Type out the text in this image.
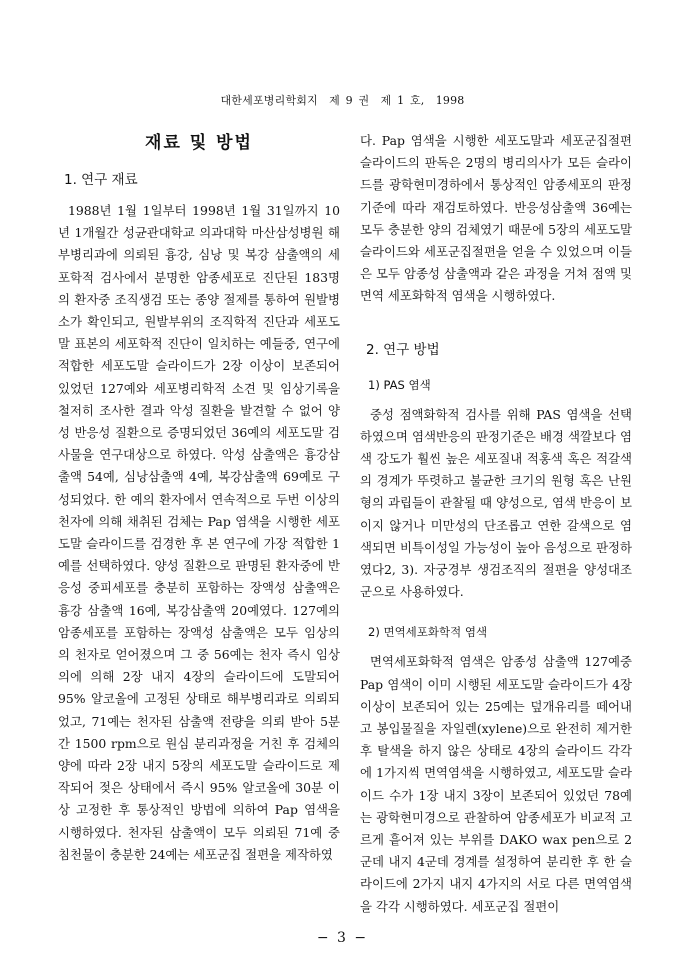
대한세포병리학회지　제 9 권　제 1 호,　1998
재료 및 방법
1. 연구 재료

1988년 1월 1일부터 1998년 1월 31일까지 10년 1개월간 성균관대학교 의과대학 마산삼성병원 해부병리과에 의뢰된 흉강, 심낭 및 복강 삼출액의 세포학적 검사에서 분명한 암종세포로 진단된 183명의 환자중 조직생검 또는 종양 절제를 통하여 원발병소가 확인되고, 원발부위의 조직학적 진단과 세포도말 표본의 세포학적 진단이 일치하는 예들중, 연구에 적합한 세포도말 슬라이드가 2장 이상이 보존되어 있었던 127예와 세포병리학적 소견 및 임상기록을 철저히 조사한 결과 악성 질환을 발견할 수 없어 양성 반응성 질환으로 증명되었던 36예의 세포도말 검사물을 연구대상으로 하였다. 악성 삼출액은 흉강삼출액 54예, 심낭삼출액 4예, 복강삼출액 69예로 구성되었다. 한 예의 환자에서 연속적으로 두번 이상의 천자에 의해 채취된 검체는 Pap 염색을 시행한 세포도말 슬라이드를 검경한 후 본 연구에 가장 적합한 1예를 선택하였다. 양성 질환으로 판명된 환자중에 반응성 중피세포를 충분히 포함하는 장액성 삼출액은 흉강 삼출액 16예, 복강삼출액 20예였다. 127예의 암종세포를 포함하는 장액성 삼출액은 모두 임상의의 천자로 얻어졌으며 그 중 56예는 천자 즉시 임상의에 의해 2장 내지 4장의 슬라이드에 도말되어 95% 알코올에 고정된 상태로 해부병리과로 의뢰되었고, 71예는 천자된 삼출액 전량을 의뢰 받아 5분간 1500 rpm으로 원심 분리과정을 거친 후 검체의 양에 따라 2장 내지 5장의 세포도말 슬라이드로 제작되어 젖은 상태에서 즉시 95% 알코올에 30분 이상 고정한 후 통상적인 방법에 의하여 Pap 염색을 시행하였다. 천자된 삼출액이 모두 의뢰된 71예 중 침천물이 충분한 24예는 세포군집 절편을 제작하였

다. Pap 염색을 시행한 세포도말과 세포군집절편 슬라이드의 판독은 2명의 병리의사가 모든 슬라이드를 광학현미경하에서 통상적인 암종세포의 판정기준에 따라 재검토하였다. 반응성삼출액 36예는 모두 충분한 양의 검체였기 때문에 5장의 세포도말 슬라이드와 세포군집절편을 얻을 수 있었으며 이들은 모두 암종성 삼출액과 같은 과정을 거쳐 점액 및 면역 세포화학적 염색을 시행하였다.

2. 연구 방법
1) PAS 염색

중성 점액화학적 검사를 위해 PAS 염색을 선택하였으며 염색반응의 판정기준은 배경 색깔보다 염색 강도가 훨씬 높은 세포질내 적홍색 혹은 적갈색의 경계가 뚜렷하고 불균한 크기의 원형 혹은 난원형의 과립들이 관찰될 때 양성으로, 염색 반응이 보이지 않거나 미만성의 단조롭고 연한 갈색으로 염색되면 비특이성일 가능성이 높아 음성으로 판정하였다2, 3). 자궁경부 생검조직의 절편을 양성대조군으로 사용하였다.

2) 면역세포화학적 염색

면역세포화학적 염색은 암종성 삼출액 127예중 Pap 염색이 이미 시행된 세포도말 슬라이드가 4장 이상이 보존되어 있는 25예는 덮개유리를 떼어내고 봉입물질을 자일렌(xylene)으로 완전히 제거한 후 탈색을 하지 않은 상태로 4장의 슬라이드 각각에 1가지씩 면역염색을 시행하였고, 세포도말 슬라이드 수가 1장 내지 3장이 보존되어 있었던 78예는 광학현미경으로 관찰하여 암종세포가 비교적 고르게 흩어져 있는 부위를 DAKO wax pen으로 2군데 내지 4군데 경계를 설정하여 분리한 후 한 슬라이드에 2가지 내지 4가지의 서로 다른 면역염색을 각각 시행하였다. 세포군집 절편이

− 3 −
